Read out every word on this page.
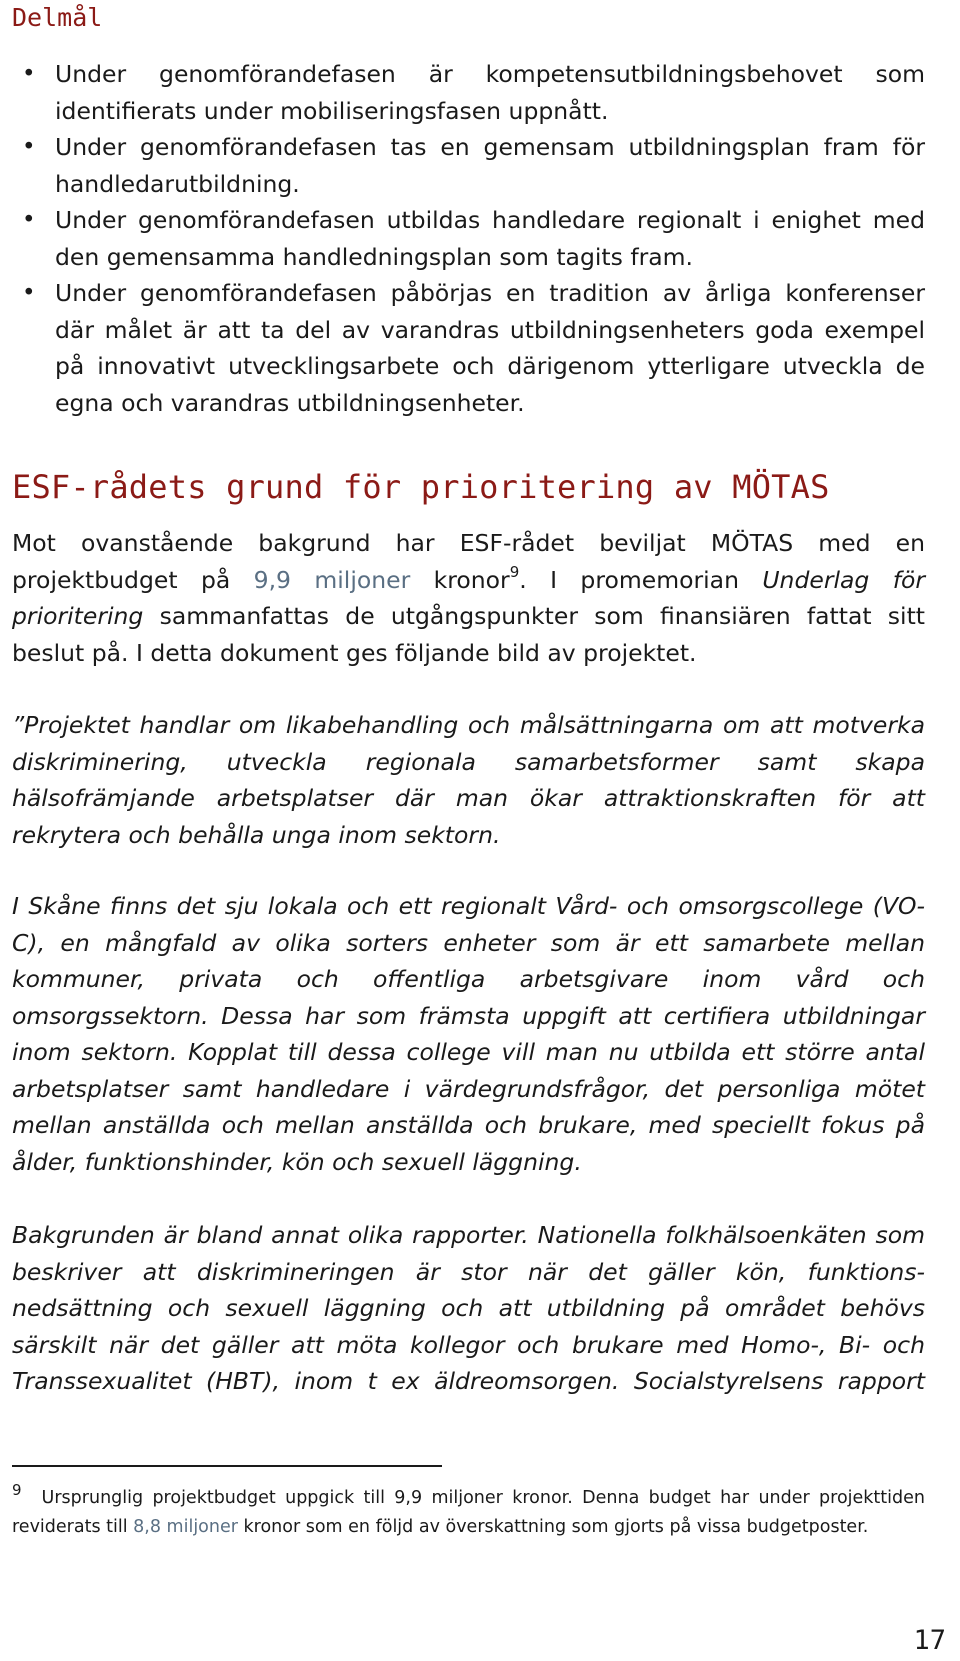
Delmål
• Under genomförandefasen är kompetensutbildningsbehovet som identifierats under mobiliseringsfasen uppnått.
• Under genomförandefasen tas en gemensam utbildningsplan fram för handledarutbildning.
• Under genomförandefasen utbildas handledare regionalt i enighet med den gemensamma handledningsplan som tagits fram.
• Under genomförandefasen påbörjas en tradition av årliga konferenser där målet är att ta del av varandras utbildningsenheters goda exempel på innovativt utvecklingsarbete och därigenom ytterligare utveckla de egna och varandras utbildningsenheter.
ESF-rådets grund för prioritering av MÖTAS

Mot ovanstående bakgrund har ESF-rådet beviljat MÖTAS med en projektbudget på 9,9 miljoner kronor$^9$. I promemorian Underlag för prioritering sammanfattas de utgångspunkter som finansiären fattat sitt beslut på. I detta dokument ges följande bild av projektet.

”Projektet handlar om likabehandling och målsättningarna om att motverka diskriminering, utveckla regionala samarbetsformer samt skapa hälsofrämjande arbetsplatser där man ökar attraktionskraften för att rekrytera och behålla unga inom sektorn.

I Skåne finns det sju lokala och ett regionalt Vård- och omsorgscollege (VO-C), en mångfald av olika sorters enheter som är ett samarbete mellan kommuner, privata och offentliga arbetsgivare inom vård och omsorgssektorn. Dessa har som främsta uppgift att certifiera utbildningar inom sektorn. Kopplat till dessa college vill man nu utbilda ett större antal arbetsplatser samt handledare i värdegrundsfrågor, det personliga mötet mellan anställda och mellan anställda och brukare, med speciellt fokus på ålder, funktionshinder, kön och sexuell läggning.

Bakgrunden är bland annat olika rapporter. Nationella folkhälsoenkäten som beskriver att diskrimineringen är stor när det gäller kön, funktions-nedsättning och sexuell läggning och att utbildning på området behövs särskilt när det gäller att möta kollegor och brukare med Homo-, Bi- och Transsexualitet (HBT), inom t ex äldreomsorgen. Socialstyrelsens rapport

9 Ursprunglig projektbudget uppgick till 9,9 miljoner kronor. Denna budget har under projekttiden reviderats till 8,8 miljoner kronor som en följd av överskattning som gjorts på vissa budgetposter.

17
